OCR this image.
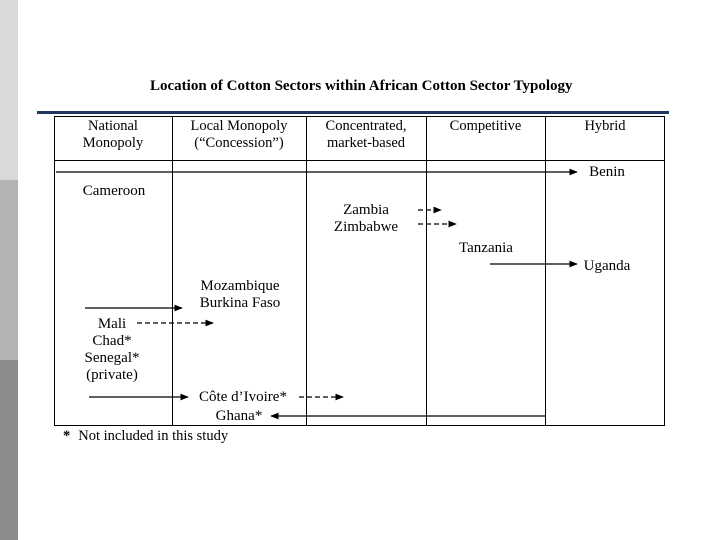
Location of Cotton Sectors within African Cotton Sector Typology
National
Monopoly
Local Monopoly
(“Concession”)
Concentrated,
market-based
Competitive	Hybrid
Benin
Cameroon
Zambia
Zimbabwe
Tanzania
Uganda
Mozambique
Burkina Faso
Mali
Chad*
Senegal*
(private)
Côte d’Ivoire*
Ghana*
* Not included in this study
